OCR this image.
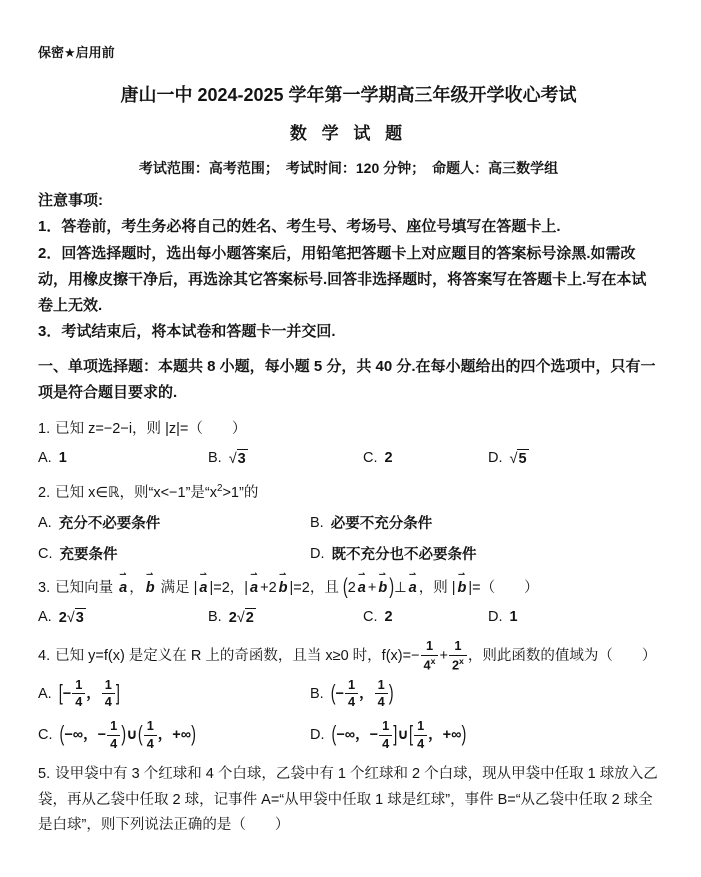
保密★启用前
唐山一中 2024-2025 学年第一学期高三年级开学收心考试
数 学 试 题
考试范围：高考范围；　考试时间：120 分钟；　命题人：高三数学组
注意事项:
1．答卷前，考生务必将自己的姓名、考生号、考场号、座位号填写在答题卡上.
2．回答选择题时，选出每小题答案后，用铅笔把答题卡上对应题目的答案标号涂黑.如需改动，用橡皮擦干净后，再选涂其它答案标号.回答非选择题时，将答案写在答题卡上.写在本试卷上无效.
3．考试结束后，将本试卷和答题卡一并交回.
一、单项选择题：本题共 8 小题，每小题 5 分，共 40 分.在每小题给出的四个选项中，只有一项是符合题目要求的.
1. 已知 z=−2−i，则 |z|=（　　）
A. 1	B. √3	C. 2	D. √5
2. 已知 x∈ℝ，则“x<−1”是“$x^2>1$”的
A. 充分不必要条件	B. 必要不充分条件
C. 充要条件	D. 既不充分也不必要条件
3. 已知向量
⇀
a ，
⇀
b 满足 |
⇀
a |=2，|
⇀
a +2
⇀
b |=2，且 (2
⇀
a +
⇀
b )⊥
⇀
a ，则 |
⇀
b |=（　　）
A. 2√3	B. 2√2	C. 2	D. 1
4. 已知 y=f(x) 是定义在 R 上的奇函数，且当 x≥0 时，$f(x)=- \frac{1}{4^x} + \frac{1}{2^x}$ ，则此函数的值域为（　　）
A. [− $\frac{1}{4}$ ， $\frac{1}{4}$ ]	B. (− $\frac{1}{4}$ ， $\frac{1}{4}$ )
C. (−∞，− $\frac{1}{4}$ )∪( $\frac{1}{4}$ ，+∞)	D. (−∞，− $\frac{1}{4}$ ]∪[ $\frac{1}{4}$ ，+∞)
5. 设甲袋中有 3 个红球和 4 个白球，乙袋中有 1 个红球和 2 个白球，现从甲袋中任取 1 球放入乙袋，再从乙袋中任取 2 球，记事件 A=“从甲袋中任取 1 球是红球”，事件 B=“从乙袋中任取 2 球全是白球”，则下列说法正确的是（　　）
